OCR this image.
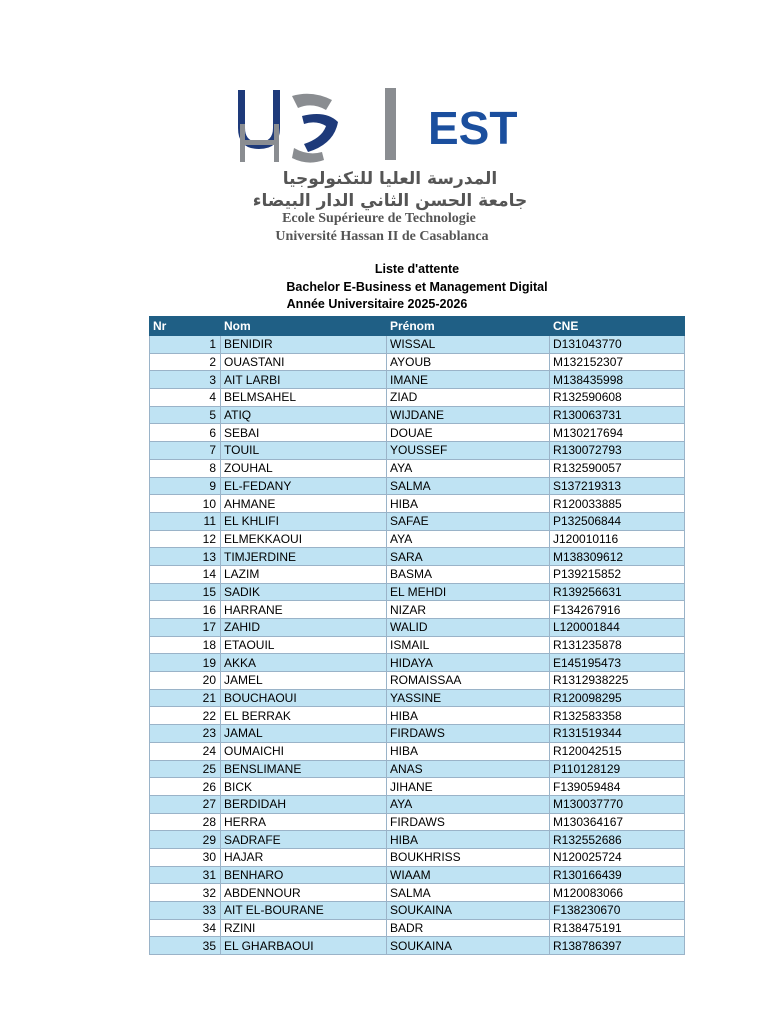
EST
المدرسة العليا للتكنولوجيا
جامعة الحسن الثاني الدار البيضاء
Ecole Supérieure de Technologie
Université Hassan II de Casablanca
Liste d'attente
Bachelor E-Business et Management Digital
Année Universitaire 2025-2026
Nr	Nom	Prénom	CNE
1	BENIDIR	WISSAL	D131043770
2	OUASTANI	AYOUB	M132152307
3	AIT LARBI	IMANE	M138435998
4	BELMSAHEL	ZIAD	R132590608
5	ATIQ	WIJDANE	R130063731
6	SEBAI	DOUAE	M130217694
7	TOUIL	YOUSSEF	R130072793
8	ZOUHAL	AYA	R132590057
9	EL-FEDANY	SALMA	S137219313
10	AHMANE	HIBA	R120033885
11	EL KHLIFI	SAFAE	P132506844
12	ELMEKKAOUI	AYA	J120010116
13	TIMJERDINE	SARA	M138309612
14	LAZIM	BASMA	P139215852
15	SADIK	EL MEHDI	R139256631
16	HARRANE	NIZAR	F134267916
17	ZAHID	WALID	L120001844
18	ETAOUIL	ISMAIL	R131235878
19	AKKA	HIDAYA	E145195473
20	JAMEL	ROMAISSAA	R1312938225
21	BOUCHAOUI	YASSINE	R120098295
22	EL BERRAK	HIBA	R132583358
23	JAMAL	FIRDAWS	R131519344
24	OUMAICHI	HIBA	R120042515
25	BENSLIMANE	ANAS	P110128129
26	BICK	JIHANE	F139059484
27	BERDIDAH	AYA	M130037770
28	HERRA	FIRDAWS	M130364167
29	SADRAFE	HIBA	R132552686
30	HAJAR	BOUKHRISS	N120025724
31	BENHARO	WIAAM	R130166439
32	ABDENNOUR	SALMA	M120083066
33	AIT EL-BOURANE	SOUKAINA	F138230670
34	RZINI	BADR	R138475191
35	EL GHARBAOUI	SOUKAINA	R138786397
